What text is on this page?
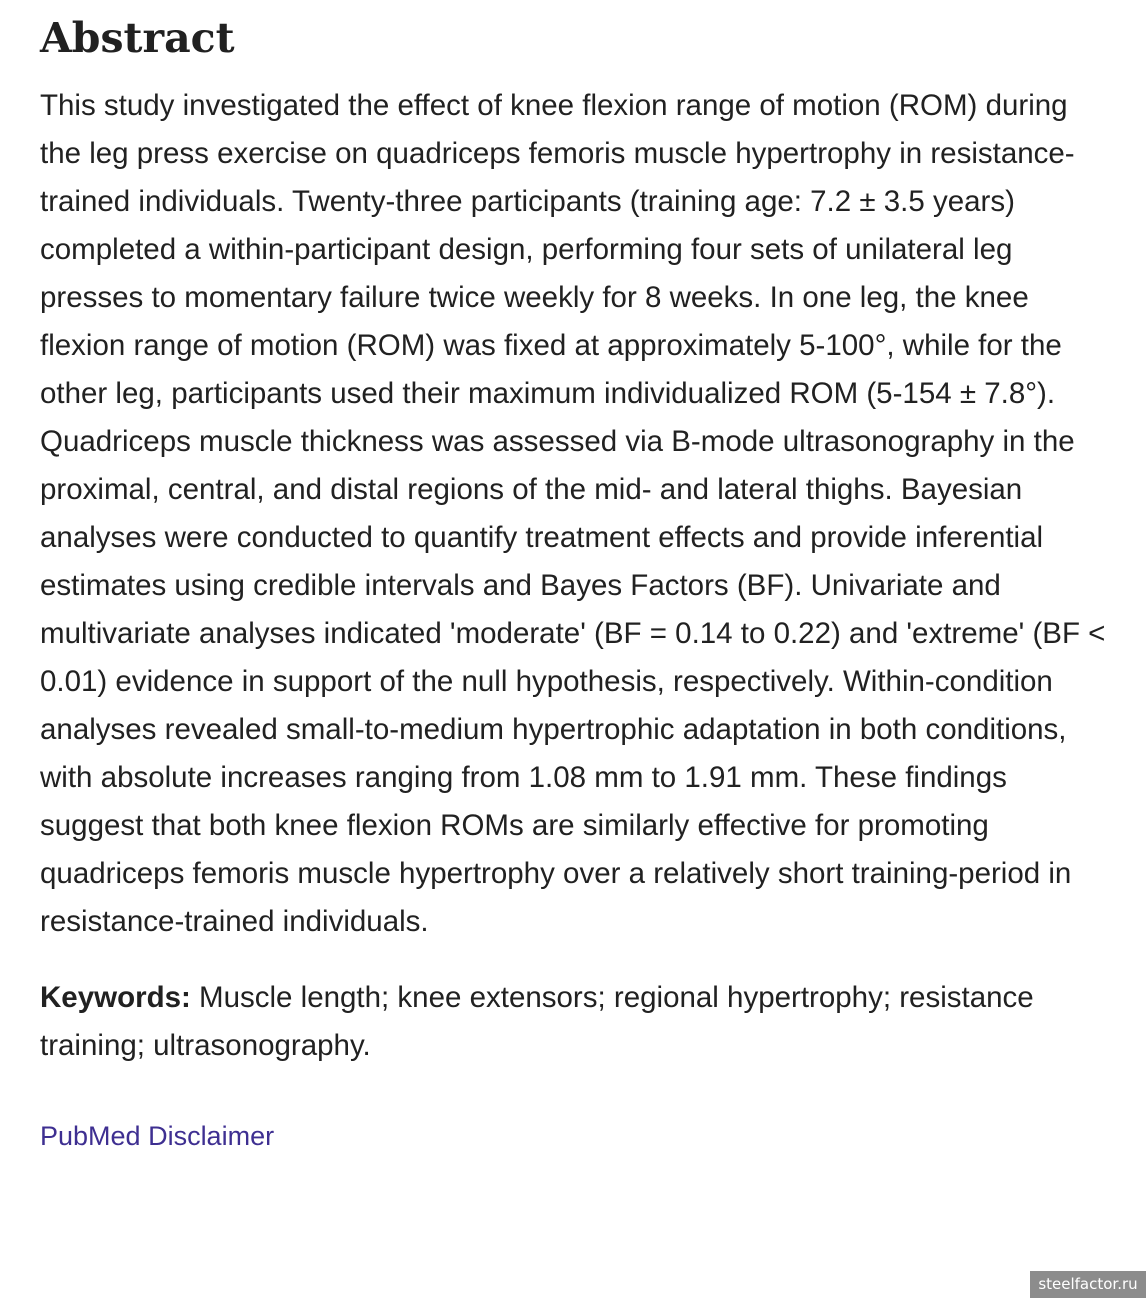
Abstract

This study investigated the effect of knee flexion range of motion (ROM) during the leg press exercise on quadriceps femoris muscle hypertrophy in resistance-trained individuals. Twenty-three participants (training age: 7.2 ± 3.5 years) completed a within-participant design, performing four sets of unilateral leg presses to momentary failure twice weekly for 8 weeks. In one leg, the knee flexion range of motion (ROM) was fixed at approximately 5-100°, while for the other leg, participants used their maximum individualized ROM (5-154 ± 7.8°). Quadriceps muscle thickness was assessed via B-mode ultrasonography in the proximal, central, and distal regions of the mid- and lateral thighs. Bayesian analyses were conducted to quantify treatment effects and provide inferential estimates using credible intervals and Bayes Factors (BF). Univariate and multivariate analyses indicated 'moderate' (BF = 0.14 to 0.22) and 'extreme' (BF < 0.01) evidence in support of the null hypothesis, respectively. Within-condition analyses revealed small-to-medium hypertrophic adaptation in both conditions, with absolute increases ranging from 1.08 mm to 1.91 mm. These findings suggest that both knee flexion ROMs are similarly effective for promoting quadriceps femoris muscle hypertrophy over a relatively short training-period in resistance-trained individuals.

Keywords: Muscle length; knee extensors; regional hypertrophy; resistance training; ultrasonography.

PubMed Disclaimer
steelfactor.ru
